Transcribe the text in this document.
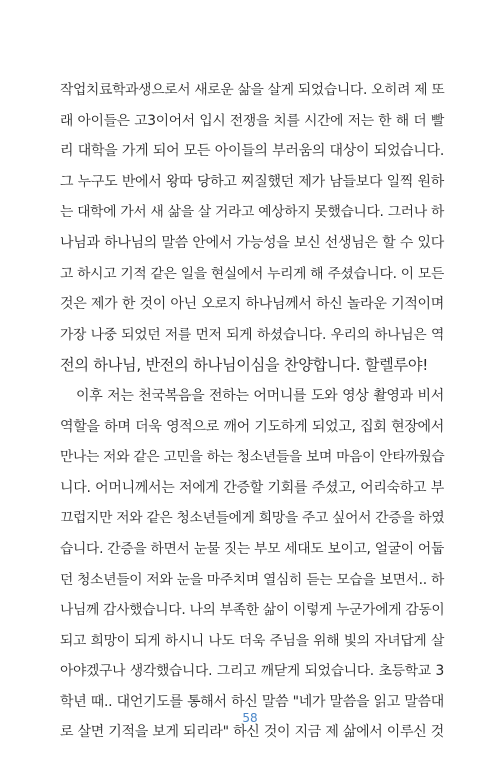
작업치료학과생으로서 새로운 삶을 살게 되었습니다. 오히려 제 또
래 아이들은 고3이어서 입시 전쟁을 치를 시간에 저는 한 해 더 빨
리 대학을 가게 되어 모든 아이들의 부러움의 대상이 되었습니다.
그 누구도 반에서 왕따 당하고 찌질했던 제가 남들보다 일찍 원하
는 대학에 가서 새 삶을 살 거라고 예상하지 못했습니다. 그러나 하
나님과 하나님의 말씀 안에서 가능성을 보신 선생님은 할 수 있다
고 하시고 기적 같은 일을 현실에서 누리게 해 주셨습니다. 이 모든
것은 제가 한 것이 아닌 오로지 하나님께서 하신 놀라운 기적이며
가장 나중 되었던 저를 먼저 되게 하셨습니다. 우리의 하나님은 역
전의 하나님, 반전의 하나님이심을 찬양합니다. 할렐루야!
이후 저는 천국복음을 전하는 어머니를 도와 영상 촬영과 비서
역할을 하며 더욱 영적으로 깨어 기도하게 되었고, 집회 현장에서
만나는 저와 같은 고민을 하는 청소년들을 보며 마음이 안타까웠습
니다. 어머니께서는 저에게 간증할 기회를 주셨고, 어리숙하고 부
끄럽지만 저와 같은 청소년들에게 희망을 주고 싶어서 간증을 하였
습니다. 간증을 하면서 눈물 짓는 부모 세대도 보이고, 얼굴이 어둡
던 청소년들이 저와 눈을 마주치며 열심히 듣는 모습을 보면서.. 하
나님께 감사했습니다. 나의 부족한 삶이 이렇게 누군가에게 감동이
되고 희망이 되게 하시니 나도 더욱 주님을 위해 빛의 자녀답게 살
아야겠구나 생각했습니다. 그리고 깨닫게 되었습니다. 초등학교 3
학년 때.. 대언기도를 통해서 하신 말씀 "네가 말씀을 읽고 말씀대
로 살면 기적을 보게 되리라" 하신 것이 지금 제 삶에서 이루신 것
58
